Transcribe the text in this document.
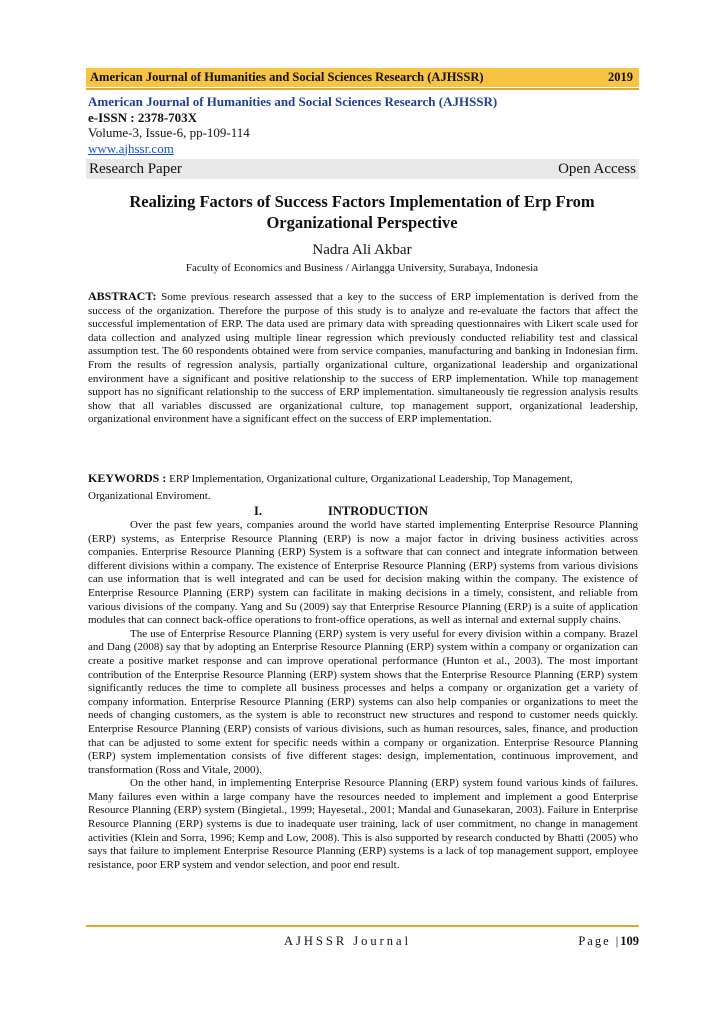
American Journal of Humanities and Social Sciences Research (AJHSSR)	2019
American Journal of Humanities and Social Sciences Research (AJHSSR)
e-ISSN : 2378-703X
Volume-3, Issue-6, pp-109-114
www.ajhssr.com
Research Paper	Open Access
Realizing Factors of Success Factors Implementation of Erp From Organizational Perspective
Nadra Ali Akbar
Faculty of Economics and Business / Airlangga University, Surabaya, Indonesia
ABSTRACT: Some previous research assessed that a key to the success of ERP implementation is derived from the success of the organization. Therefore the purpose of this study is to analyze and re-evaluate the factors that affect the successful implementation of ERP. The data used are primary data with spreading questionnaires with Likert scale used for data collection and analyzed using multiple linear regression which previously conducted reliability test and classical assumption test. The 60 respondents obtained were from service companies, manufacturing and banking in Indonesian firm. From the results of regression analysis, partially organizational culture, organizational leadership and organizational environment have a significant and positive relationship to the success of ERP implementation. While top management support has no significant relationship to the success of ERP implementation. simultaneously tie regression analysis results show that all variables discussed are organizational culture, top management support, organizational leadership, organizational environment have a significant effect on the success of ERP implementation.
KEYWORDS : ERP Implementation, Organizational culture, Organizational Leadership, Top Management, Organizational Enviroment.
I.	INTRODUCTION

Over the past few years, companies around the world have started implementing Enterprise Resource Planning (ERP) systems, as Enterprise Resource Planning (ERP) is now a major factor in driving business activities across companies. Enterprise Resource Planning (ERP) System is a software that can connect and integrate information between different divisions within a company. The existence of Enterprise Resource Planning (ERP) systems from various divisions can use information that is well integrated and can be used for decision making within the company. The existence of Enterprise Resource Planning (ERP) system can facilitate in making decisions in a timely, consistent, and reliable from various divisions of the company. Yang and Su (2009) say that Enterprise Resource Planning (ERP) is a suite of application modules that can connect back-office operations to front-office operations, as well as internal and external supply chains.

The use of Enterprise Resource Planning (ERP) system is very useful for every division within a company. Brazel and Dang (2008) say that by adopting an Enterprise Resource Planning (ERP) system within a company or organization can create a positive market response and can improve operational performance (Hunton et al., 2003). The most important contribution of the Enterprise Resource Planning (ERP) system shows that the Enterprise Resource Planning (ERP) system significantly reduces the time to complete all business processes and helps a company or organization get a variety of company information. Enterprise Resource Planning (ERP) systems can also help companies or organizations to meet the needs of changing customers, as the system is able to reconstruct new structures and respond to customer needs quickly. Enterprise Resource Planning (ERP) consists of various divisions, such as human resources, sales, finance, and production that can be adjusted to some extent for specific needs within a company or organization. Enterprise Resource Planning (ERP) system implementation consists of five different stages: design, implementation, continuous improvement, and transformation (Ross and Vitale, 2000).

On the other hand, in implementing Enterprise Resource Planning (ERP) system found various kinds of failures. Many failures even within a large company have the resources needed to implement and implement a good Enterprise Resource Planning (ERP) system (Bingietal., 1999; Hayesetal., 2001; Mandal and Gunasekaran, 2003). Failure in Enterprise Resource Planning (ERP) systems is due to inadequate user training, lack of user commitment, no change in management activities (Klein and Sorra, 1996; Kemp and Low, 2008). This is also supported by research conducted by Bhatti (2005) who says that failure to implement Enterprise Resource Planning (ERP) systems is a lack of top management support, employee resistance, poor ERP system and vendor selection, and poor end result.

AJHSSR Journal	Page |109
